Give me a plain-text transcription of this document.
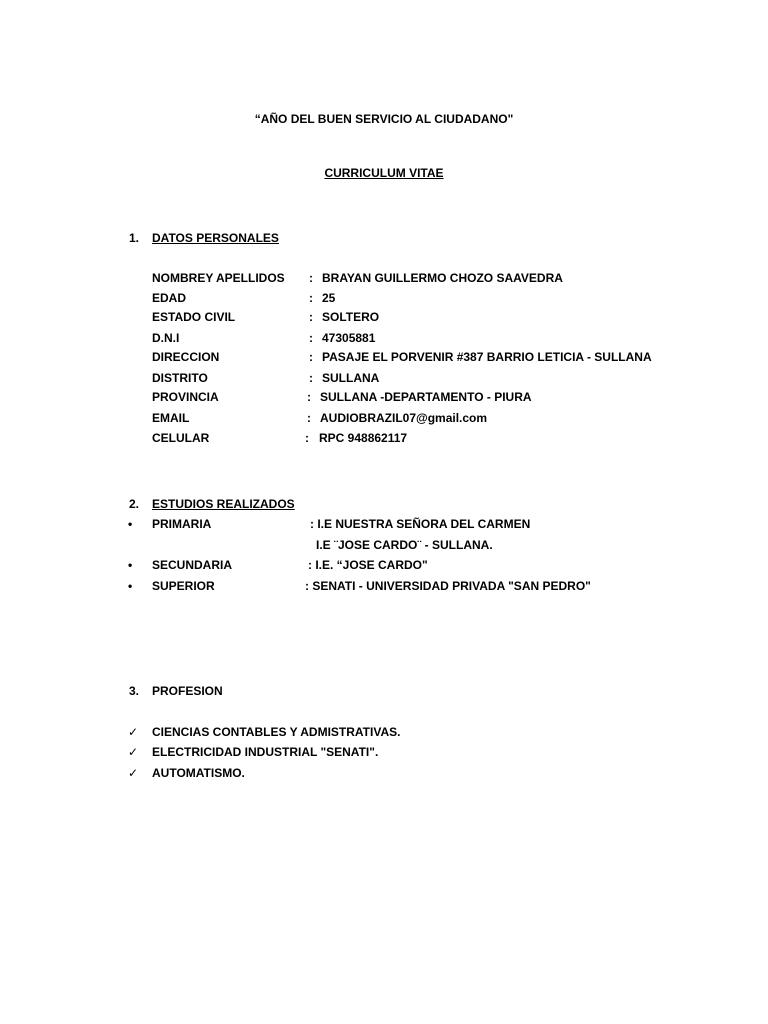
“AÑO DEL BUEN SERVICIO AL CIUDADANO"
CURRICULUM VITAE
1. DATOS PERSONALES
NOMBREY APELLIDOS : BRAYAN GUILLERMO CHOZO SAAVEDRA
EDAD	: 25
ESTADO CIVIL	: SOLTERO
D.N.I	: 47305881
DIRECCION	: PASAJE EL PORVENIR #387 BARRIO LETICIA - SULLANA
DISTRITO	: SULLANA
PROVINCIA	: SULLANA -DEPARTAMENTO - PIURA
EMAIL	: AUDIOBRAZIL07@gmail.com
CELULAR	: RPC 948862117
2. ESTUDIOS REALIZADOS
• PRIMARIA	: I.E NUESTRA SEÑORA DEL CARMEN
I.E ¨JOSE CARDO¨ - SULLANA.
• SECUNDARIA	: I.E. “JOSE CARDO"
• SUPERIOR	: SENATI - UNIVERSIDAD PRIVADA "SAN PEDRO"
3. PROFESION
✓ CIENCIAS CONTABLES Y ADMISTRATIVAS.
✓ ELECTRICIDAD INDUSTRIAL "SENATI".
✓ AUTOMATISMO.
